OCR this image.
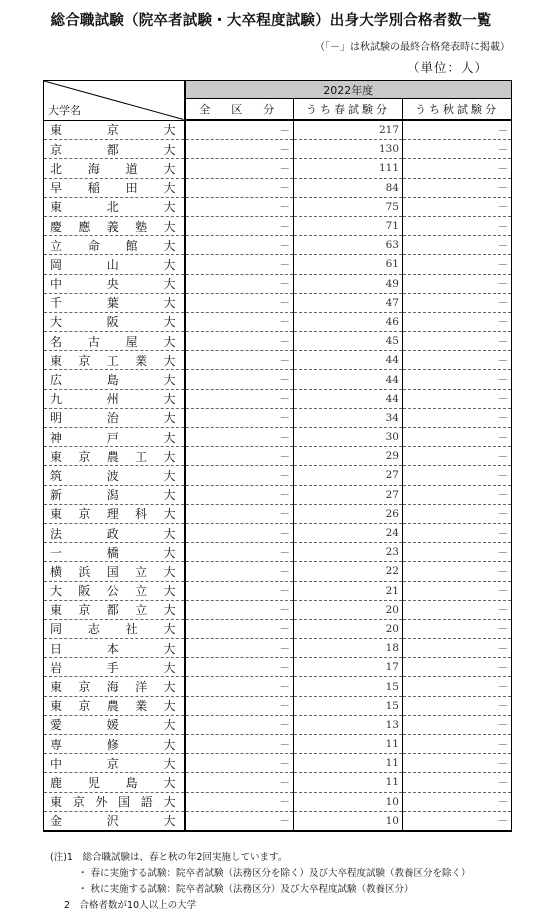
総合職試験（院卒者試験・大卒程度試験）出身大学別合格者数一覧
（「－」は秋試験の最終合格発表時に掲載）
（単位：人）
大学名	2022年度		
	全　区　分	うち春試験分	うち秋試験分
東京大	－	217	－
京都大	－	130	－
北海道大	－	111	－
早稲田大	－	84	－
東北大	－	75	－
慶應義塾大	－	71	－
立命館大	－	63	－
岡山大	－	61	－
中央大	－	49	－
千葉大	－	47	－
大阪大	－	46	－
名古屋大	－	45	－
東京工業大	－	44	－
広島大	－	44	－
九州大	－	44	－
明治大	－	34	－
神戸大	－	30	－
東京農工大	－	29	－
筑波大	－	27	－
新潟大	－	27	－
東京理科大	－	26	－
法政大	－	24	－
一橋大	－	23	－
横浜国立大	－	22	－
大阪公立大	－	21	－
東京都立大	－	20	－
同志社大	－	20	－
日本大	－	18	－
岩手大	－	17	－
東京海洋大	－	15	－
東京農業大	－	15	－
愛媛大	－	13	－
専修大	－	11	－
中京大	－	11	－
鹿児島大	－	11	－
東京外国語大	－	10	－
金沢大	－	10	－
(注)1　総合職試験は、春と秋の年2回実施しています。
・ 春に実施する試験：院卒者試験（法務区分を除く）及び大卒程度試験（教養区分を除く）
・ 秋に実施する試験：院卒者試験（法務区分）及び大卒程度試験（教養区分）
2　合格者数が10人以上の大学
